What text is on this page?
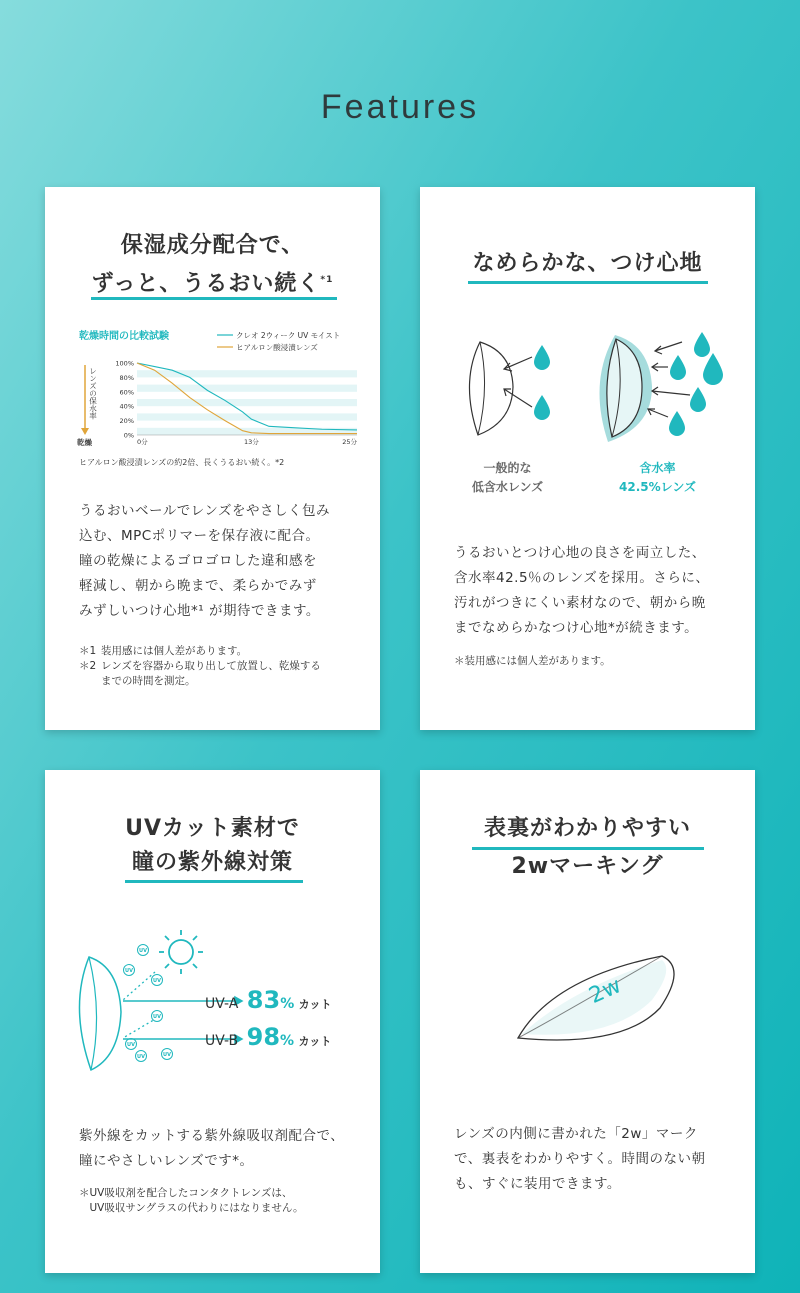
Features
保湿成分配合で、
ずっと、うるおい続く$^{*1}$
乾燥時間の比較試験	クレオ 2ウィーク UV モイスト
ヒアルロン酸浸漬レンズ
100%
80%
60%
40%
20%
0%
0分	13分	25分
乾燥
レンズの保水率
ヒアルロン酸浸漬レンズの約2倍、長くうるおい続く。*2
うるおいベールでレンズをやさしく包み
込む、MPCポリマーを保存液に配合。
瞳の乾燥によるゴロゴロした違和感を
軽減し、朝から晩まで、柔らかでみず
みずしいつけ心地*¹ が期待できます。
＊1 装用感には個人差があります。
＊2 レンズを容器から取り出して放置し、乾燥する
までの時間を測定。
なめらかな、つけ心地
一般的な
低含水レンズ
含水率
42.5%レンズ
うるおいとつけ心地の良さを両立した、
含水率42.5％のレンズを採用。さらに、
汚れがつきにくい素材なので、朝から晩
までなめらかなつけ心地*が続きます。
＊装用感には個人差があります。
UVカット素材で
瞳の紫外線対策
UV
UV
UV
UV
UV
UV	UV
UV-A 83% カット
UV-B 98% カット
紫外線をカットする紫外線吸収剤配合で、
瞳にやさしいレンズです*。
＊UV吸収剤を配合したコンタクトレンズは、
　UV吸収サングラスの代わりにはなりません。
表裏がわかりやすい
2wマーキング
2w
レンズの内側に書かれた「2w」マーク
で、裏表をわかりやすく。時間のない朝
も、すぐに装用できます。
